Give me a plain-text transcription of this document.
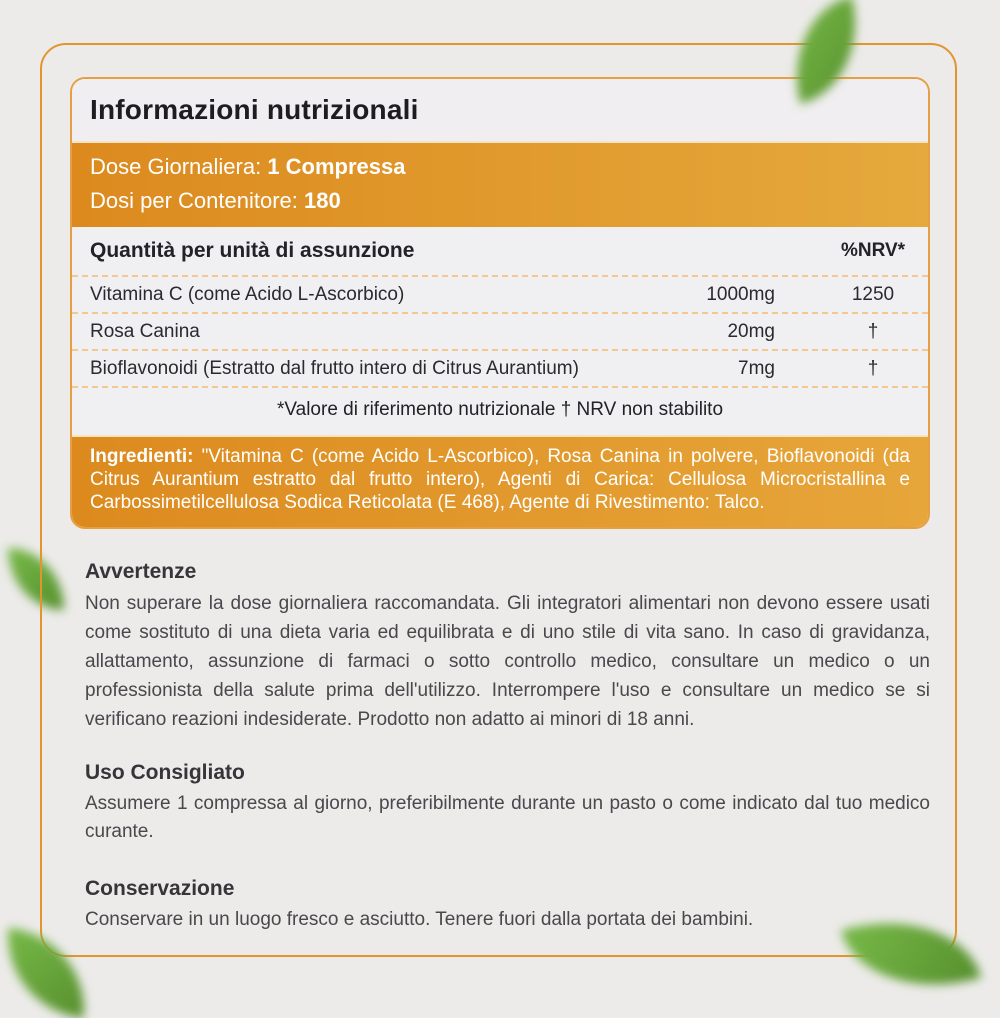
Informazioni nutrizionali
Dose Giornaliera: 1 Compressa
Dosi per Contenitore: 180
Quantità per unità di assunzione	%NRV*
Vitamina C (come Acido L-Ascorbico)	1000mg	1250
Rosa Canina	20mg	†
Bioflavonoidi (Estratto dal frutto intero di Citrus Aurantium)	7mg	†
*Valore di riferimento nutrizionale † NRV non stabilito
Ingredienti: "Vitamina C (come Acido L-Ascorbico), Rosa Canina in polvere, Bioflavonoidi (da Citrus Aurantium estratto dal frutto intero), Agenti di Carica: Cellulosa Microcristallina e Carbossimetilcellulosa Sodica Reticolata (E 468), Agente di Rivestimento: Talco.
Avvertenze
Non superare la dose giornaliera raccomandata. Gli integratori alimentari non devono essere usati come sostituto di una dieta varia ed equilibrata e di uno stile di vita sano. In caso di gravidanza, allattamento, assunzione di farmaci o sotto controllo medico, consultare un medico o un professionista della salute prima dell'utilizzo. Interrompere l'uso e consultare un medico se si verificano reazioni indesiderate. Prodotto non adatto ai minori di 18 anni.
Uso Consigliato
Assumere 1 compressa al giorno, preferibilmente durante un pasto o come indicato dal tuo medico curante.
Conservazione
Conservare in un luogo fresco e asciutto. Tenere fuori dalla portata dei bambini.
